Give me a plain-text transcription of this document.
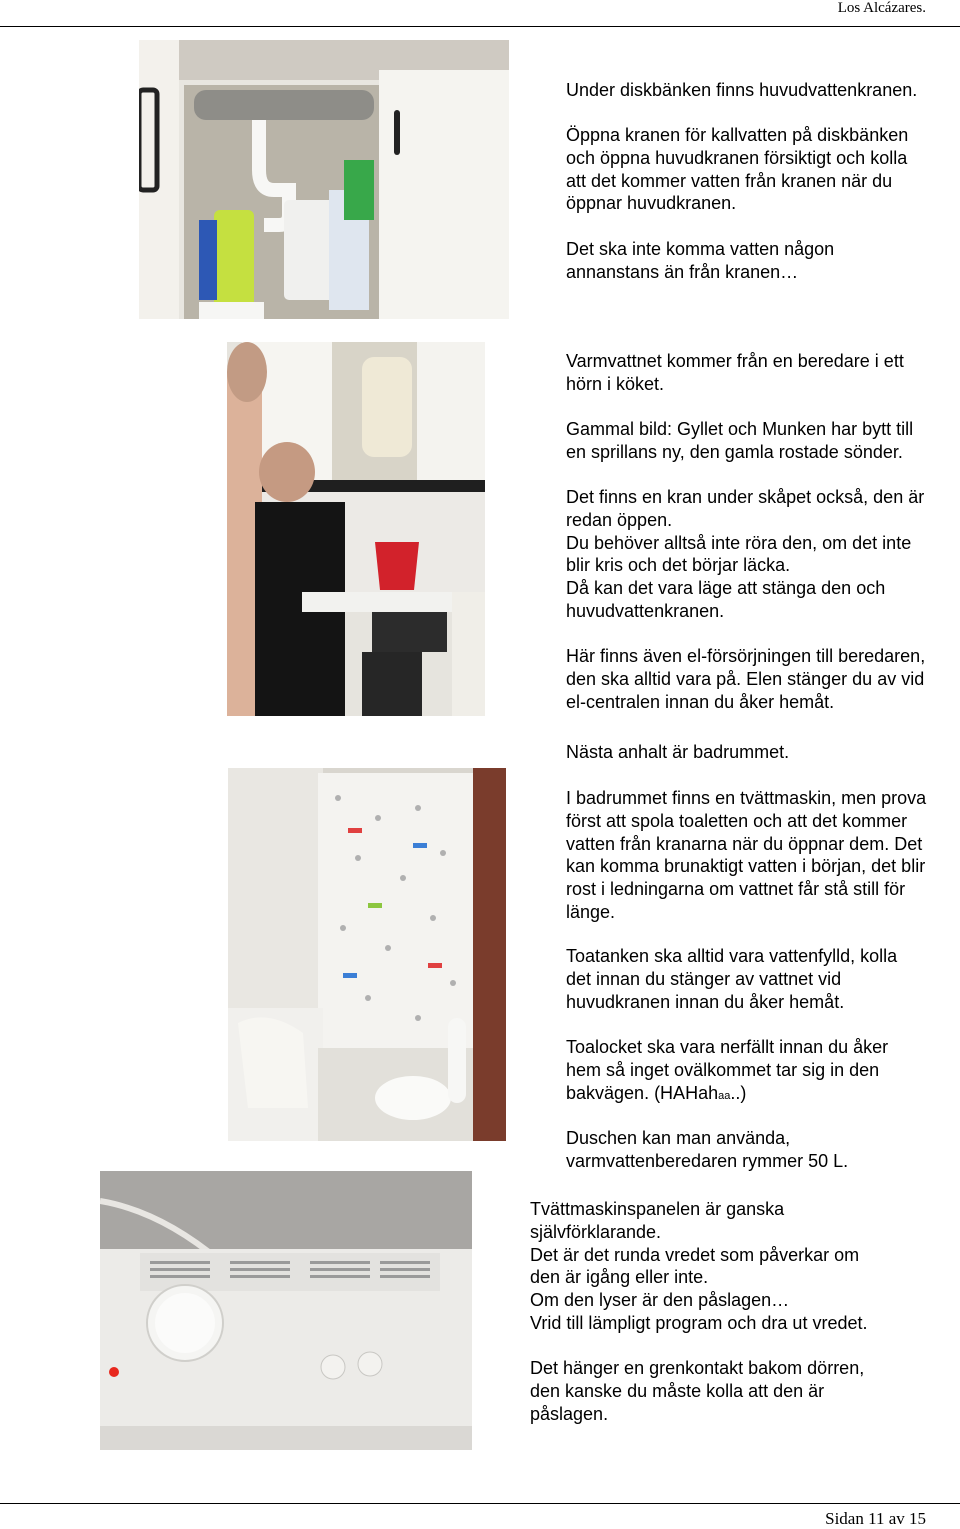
Los Alcázares.
Under diskbänken finns huvudvattenkranen.
Öppna kranen för kallvatten på diskbänken
och öppna huvudkranen försiktigt och kolla
att det kommer vatten från kranen när du
öppnar huvudkranen.
Det ska inte komma vatten någon
annanstans än från kranen…
Varmvattnet kommer från en beredare i ett
hörn i köket.
Gammal bild: Gyllet och Munken har bytt till
en sprillans ny, den gamla rostade sönder.
Det finns en kran under skåpet också, den är
redan öppen.
Du behöver alltså inte röra den, om det inte
blir kris och det börjar läcka.
Då kan det vara läge att stänga den och
huvudvattenkranen.
Här finns även el-försörjningen till beredaren,
den ska alltid vara på. Elen stänger du av vid
el-centralen innan du åker hemåt.
Nästa anhalt är badrummet.
I badrummet finns en tvättmaskin, men prova
först att spola toaletten och att det kommer
vatten från kranarna när du öppnar dem. Det
kan komma brunaktigt vatten i början, det blir
rost i ledningarna om vattnet får stå still för
länge.
Toatanken ska alltid vara vattenfylld, kolla
det innan du stänger av vattnet vid
huvudkranen innan du åker hemåt.
Toalocket ska vara nerfällt innan du åker
hem så inget ovälkommet tar sig in den
bakvägen. (HAHahaa..)
Duschen kan man använda,
varmvattenberedaren rymmer 50 L.
Tvättmaskinspanelen är ganska
självförklarande.
Det är det runda vredet som påverkar om
den är igång eller inte.
Om den lyser är den påslagen…
Vrid till lämpligt program och dra ut vredet.
Det hänger en grenkontakt bakom dörren,
den kanske du måste kolla att den är
påslagen.
Sidan 11 av 15
